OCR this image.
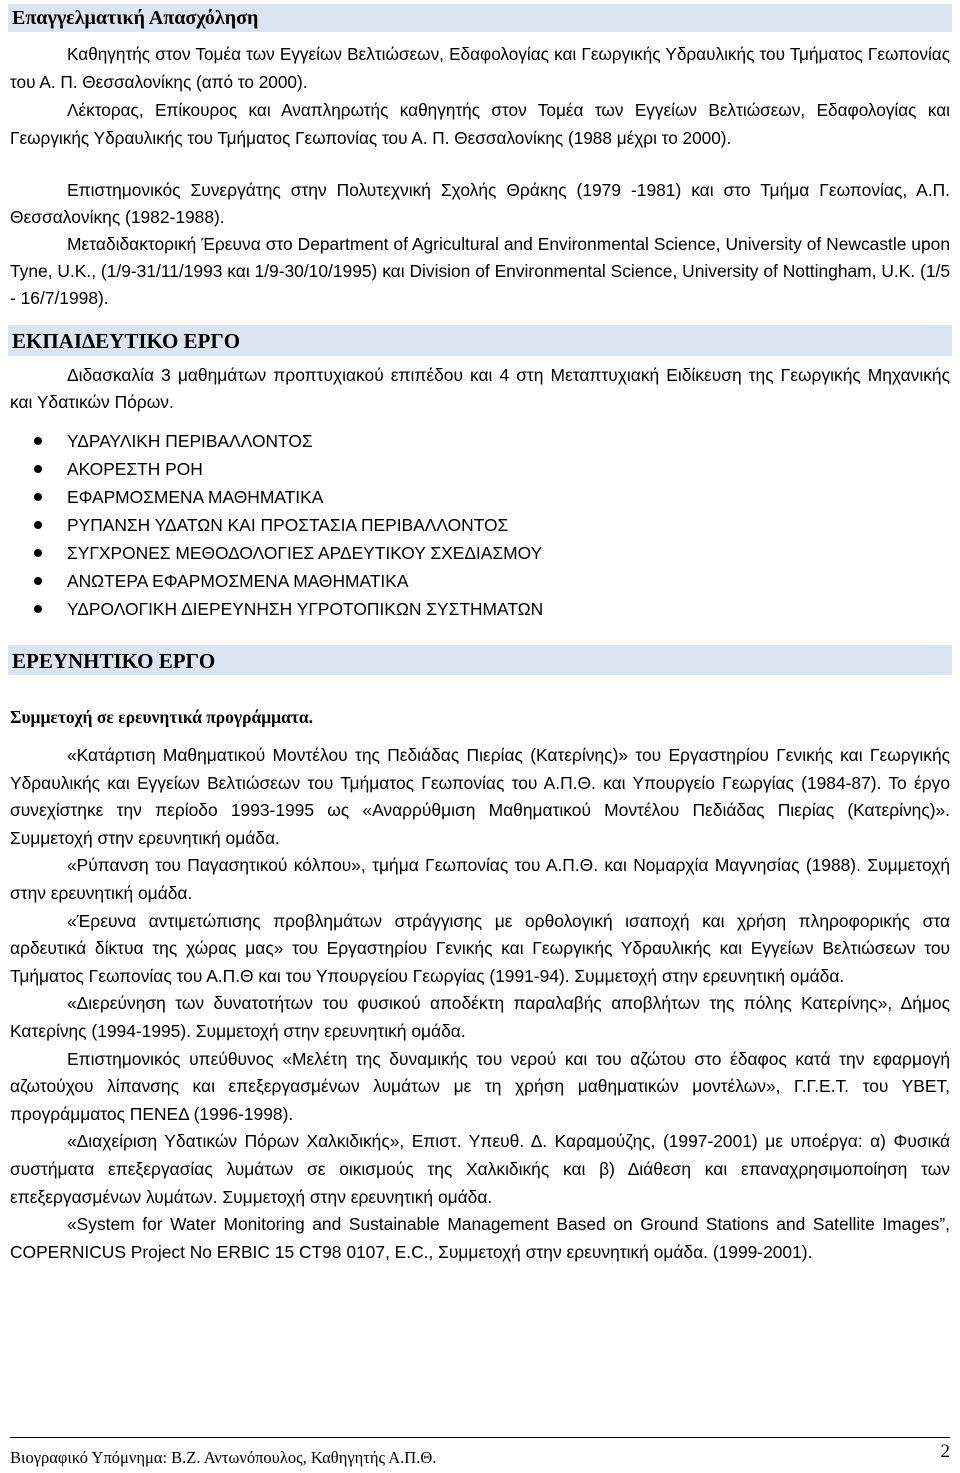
Επαγγελματική Απασχόληση

Καθηγητής στον Τομέα των Εγγείων Βελτιώσεων, Εδαφολογίας και Γεωργικής Υδραυλικής του Τμήματος Γεωπονίας του Α. Π. Θεσσαλονίκης (από το 2000).

Λέκτορας, Επίκουρος και Αναπληρωτής καθηγητής στον Τομέα των Εγγείων Βελτιώσεων, Εδαφολογίας και Γεωργικής Υδραυλικής του Τμήματος Γεωπονίας του Α. Π. Θεσσαλονίκης (1988 μέχρι το 2000).

Επιστημονικός Συνεργάτης στην Πολυτεχνική Σχολής Θράκης (1979 -1981) και στο Τμήμα Γεωπονίας, Α.Π. Θεσσαλονίκης (1982-1988).

Μεταδιδακτορική Έρευνα στο Department of Agricultural and Environmental Science, University of Newcastle upon Tyne, U.K., (1/9-31/11/1993 και 1/9-30/10/1995) και Division of Environmental Science, University of Nottingham, U.K. (1/5 - 16/7/1998).

ΕΚΠΑΙΔΕΥΤΙΚΟ ΕΡΓΟ

Διδασκαλία 3 μαθημάτων προπτυχιακού επιπέδου και 4 στη Μεταπτυχιακή Ειδίκευση της Γεωργικής Μηχανικής και Υδατικών Πόρων.

ΥΔΡΑΥΛΙΚΗ ΠΕΡΙΒΑΛΛΟΝΤΟΣ
ΑΚΟΡΕΣΤΗ ΡΟΗ
ΕΦΑΡΜΟΣΜΕΝΑ ΜΑΘΗΜΑΤΙΚΑ
ΡΥΠΑΝΣΗ ΥΔΑΤΩΝ ΚΑΙ ΠΡΟΣΤΑΣΙΑ ΠΕΡΙΒΑΛΛΟΝΤΟΣ
ΣΥΓΧΡΟΝΕΣ ΜΕΘΟΔΟΛΟΓΙΕΣ ΑΡΔΕΥΤΙΚΟΥ ΣΧΕΔΙΑΣΜΟΥ
ΑΝΩΤΕΡΑ ΕΦΑΡΜΟΣΜΕΝΑ ΜΑΘΗΜΑΤΙΚΑ
ΥΔΡΟΛΟΓΙΚΗ ΔΙΕΡΕΥΝΗΣΗ ΥΓΡΟΤΟΠΙΚΩΝ ΣΥΣΤΗΜΑΤΩΝ
ΕΡΕΥΝΗΤΙΚΟ ΕΡΓΟ
Συμμετοχή σε ερευνητικά προγράμματα.

«Κατάρτιση Μαθηματικού Μοντέλου της Πεδιάδας Πιερίας (Κατερίνης)» του Εργαστηρίου Γενικής και Γεωργικής Υδραυλικής και Εγγείων Βελτιώσεων του Τμήματος Γεωπονίας του Α.Π.Θ. και Υπουργείο Γεωργίας (1984-87). Το έργο συνεχίστηκε την περίοδο 1993-1995 ως «Αναρρύθμιση Μαθηματικού Μοντέλου Πεδιάδας Πιερίας (Κατερίνης)». Συμμετοχή στην ερευνητική ομάδα.

«Ρύπανση του Παγασητικού κόλπου», τμήμα Γεωπονίας του Α.Π.Θ. και Νομαρχία Μαγνησίας (1988). Συμμετοχή στην ερευνητική ομάδα.

«Έρευνα αντιμετώπισης προβλημάτων στράγγισης με ορθολογική ισαποχή και χρήση πληροφορικής στα αρδευτικά δίκτυα της χώρας μας» του Εργαστηρίου Γενικής και Γεωργικής Υδραυλικής και Εγγείων Βελτιώσεων του Τμήματος Γεωπονίας του Α.Π.Θ και του Υπουργείου Γεωργίας (1991-94). Συμμετοχή στην ερευνητική ομάδα.

«Διερεύνηση των δυνατοτήτων του φυσικού αποδέκτη παραλαβής αποβλήτων της πόλης Κατερίνης», Δήμος Κατερίνης (1994-1995). Συμμετοχή στην ερευνητική ομάδα.

Επιστημονικός υπεύθυνος «Μελέτη της δυναμικής του νερού και του αζώτου στο έδαφος κατά την εφαρμογή αζωτούχου λίπανσης και επεξεργασμένων λυμάτων με τη χρήση μαθηματικών μοντέλων», Γ.Γ.Ε.Τ. του ΥΒΕΤ, προγράμματος ΠΕΝΕΔ (1996-1998).

«Διαχείριση Υδατικών Πόρων Χαλκιδικής», Επιστ. Υπευθ. Δ. Καραμούζης, (1997-2001) με υποέργα: α) Φυσικά συστήματα επεξεργασίας λυμάτων σε οικισμούς της Χαλκιδικής και β) Διάθεση και επαναχρησιμοποίηση των επεξεργασμένων λυμάτων. Συμμετοχή στην ερευνητική ομάδα.

«System for Water Monitoring and Sustainable Management Based on Ground Stations and Satellite Images”, COPERNICUS Project No ERBIC 15 CT98 0107, E.C., Συμμετοχή στην ερευνητική ομάδα. (1999-2001).

Βιογραφικό Υπόμνημα: Β.Ζ. Αντωνόπουλος, Καθηγητής Α.Π.Θ.	2
